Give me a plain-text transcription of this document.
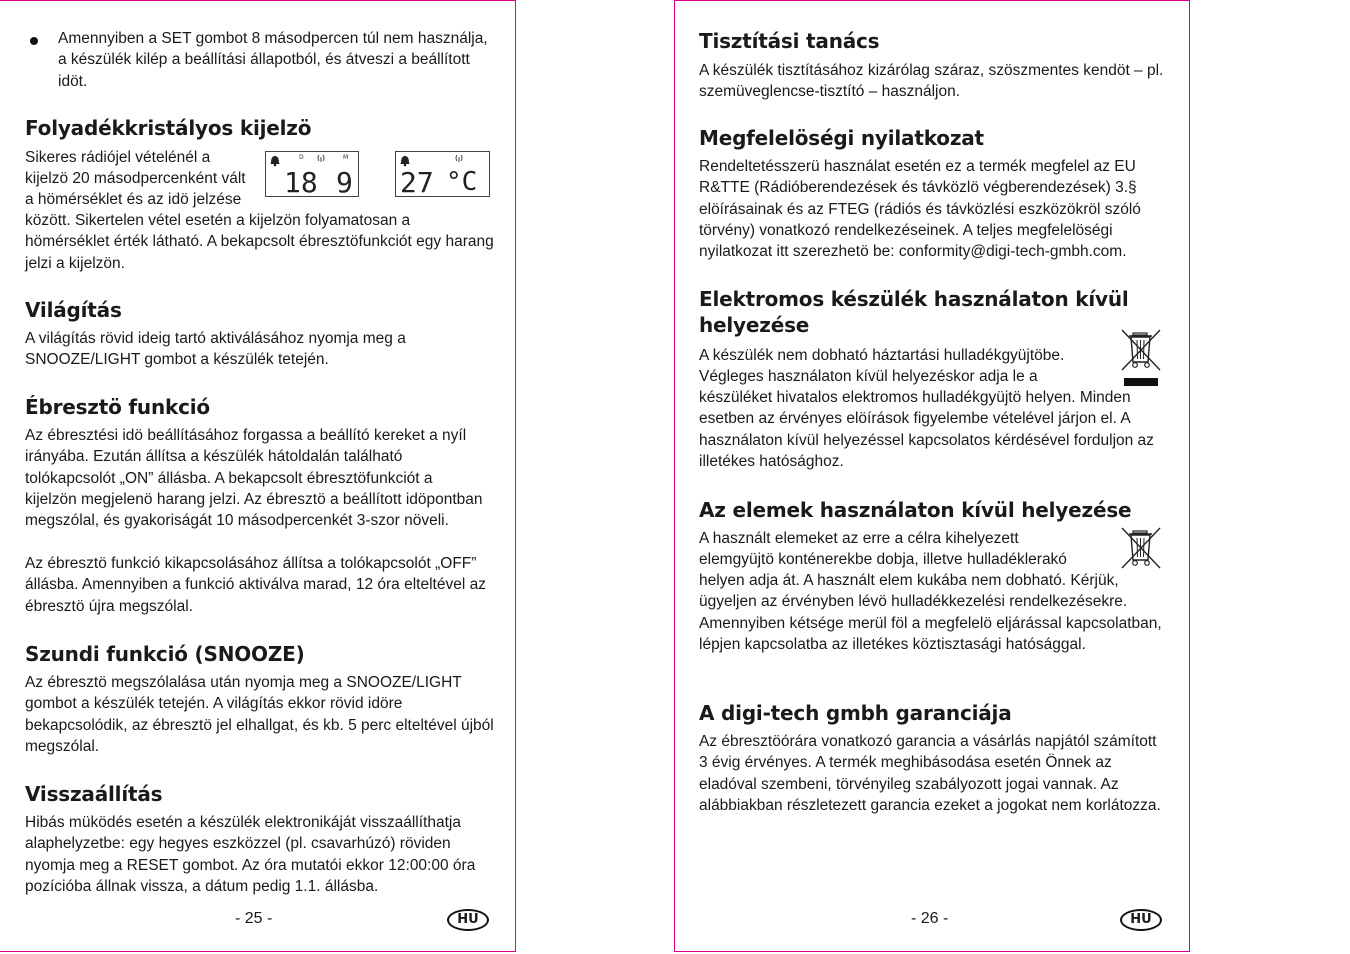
Amennyiben a SET gombot 8 másodpercen túl nem használja, a készülék kilép a beállítási állapotból, és átveszi a beállított idöt.

Folyadékkristályos kijelzö

Sikeres rádiójel vételénél a

kijelzö 20 másodpercenként vált

a hömérséklet és az idö jelzése

D	M
18 9 27 °C

között. Sikertelen vétel esetén a kijelzön folyamatosan a hömérséklet érték látható. A bekapcsolt ébresztöfunkciót egy harang jelzi a kijelzön.

Világítás

A világítás rövid ideig tartó aktiválásához nyomja meg a SNOOZE/LIGHT gombot a készülék tetején.

Ébresztö funkció

Az ébresztési idö beállításához forgassa a beállító kereket a nyíl irányába. Ezután állítsa a készülék hátoldalán található tolókapcsolót „ON” állásba. A bekapcsolt ébresztöfunkciót a kijelzön megjelenö harang jelzi. Az ébresztö a beállított idöpontban megszólal, és gyakoriságát 10 másodpercenkét 3-szor növeli.

Az ébresztö funkció kikapcsolásához állítsa a tolókapcsolót „OFF” állásba. Amennyiben a funkció aktiválva marad, 12 óra elteltével az ébresztö újra megszólal.

Szundi funkció (SNOOZE)

Az ébresztö megszólalása után nyomja meg a SNOOZE/LIGHT gombot a készülék tetején. A világítás ekkor rövid idöre bekapcsolódik, az ébresztö jel elhallgat, és kb. 5 perc elteltével újból megszólal.

Visszaállítás

Hibás müködés esetén a készülék elektronikáját visszaállíthatja alaphelyzetbe: egy hegyes eszközzel (pl. csavarhúzó) röviden nyomja meg a RESET gombot. Az óra mutatói ekkor 12:00:00 óra pozícióba állnak vissza, a dátum pedig 1.1. állásba.

- 25 -	HU
Tisztítási tanács

A készülék tisztításához kizárólag száraz, szöszmentes kendöt – pl. szemüveglencse-tisztító – használjon.

Megfelelöségi nyilatkozat

Rendeltetésszerü használat esetén ez a termék megfelel az EU R&TTE (Rádióberendezések és távközlö végberendezések) 3.§ elöírásainak és az FTEG (rádiós és távközlési eszközökröl szóló törvény) vonatkozó rendelkezéseinek. A teljes megfelelöségi nyilatkozat itt szerezhetö be: conformity@digi-tech-gmbh.com.

Elektromos készülék használaton kívül helyezése

A készülék nem dobható háztartási hulladékgyüjtöbe.

Végleges használaton kívül helyezéskor adja le a

készüléket hivatalos elektromos hulladékgyüjtö helyen. Minden esetben az érvényes elöírások figyelembe vételével járjon el. A használaton kívül helyezéssel kapcsolatos kérdésével forduljon az illetékes hatósághoz.

Az elemek használaton kívül helyezése

A használt elemeket az erre a célra kihelyezett

elemgyüjtö konténerekbe dobja, illetve hulladéklerakó

helyen adja át. A használt elem kukába nem dobható. Kérjük, ügyeljen az érvényben lévö hulladékkezelési rendelkezésekre. Amennyiben kétsége merül föl a megfelelö eljárással kapcsolatban, lépjen kapcsolatba az illetékes köztisztasági hatósággal.

A digi-tech gmbh garanciája

Az ébresztöórára vonatkozó garancia a vásárlás napjától számított 3 évig érvényes. A termék meghibásodása esetén Önnek az eladóval szembeni, törvényileg szabályozott jogai vannak. Az alábbiakban részletezett garancia ezeket a jogokat nem korlátozza.

- 26 -	HU
